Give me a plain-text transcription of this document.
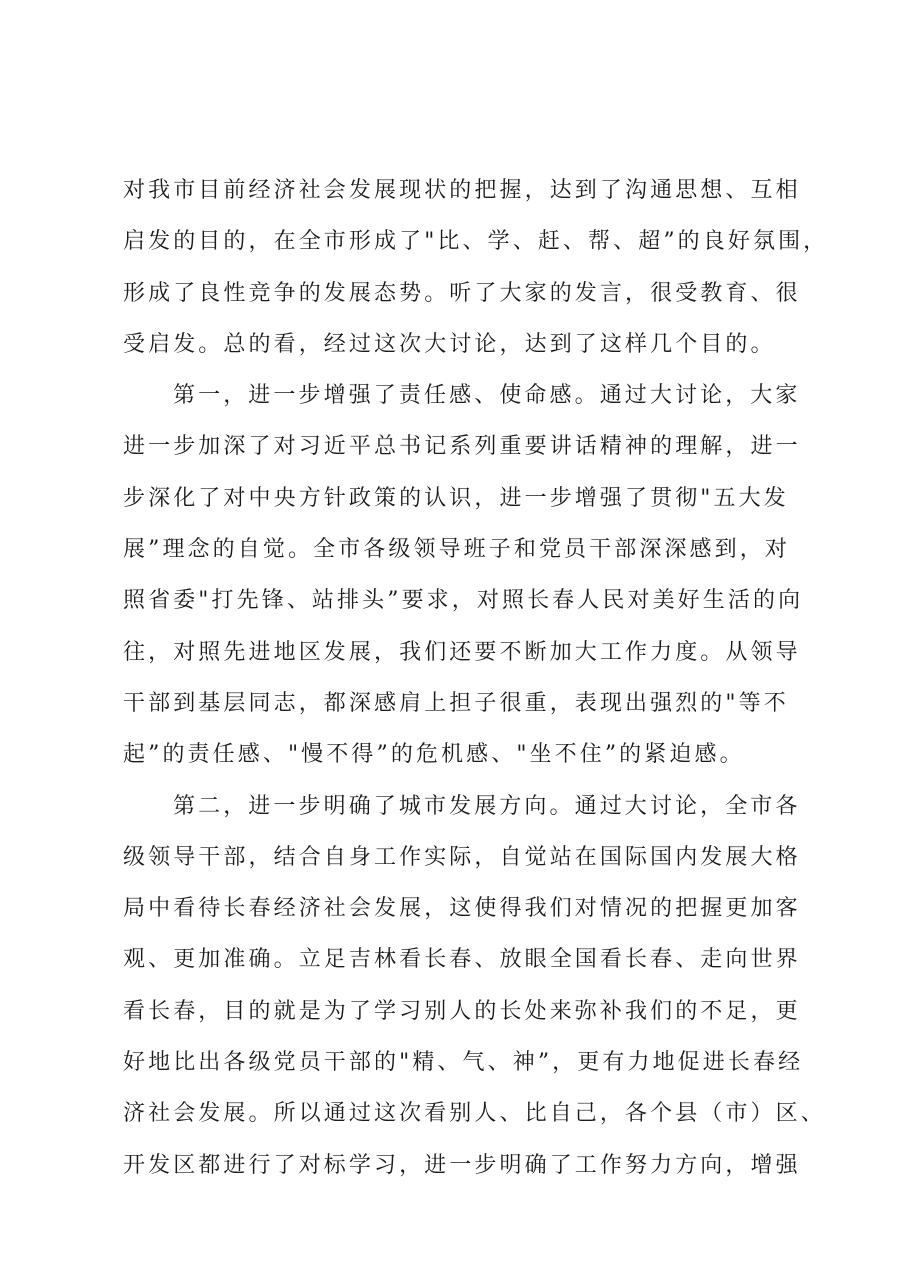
对我市目前经济社会发展现状的把握，达到了沟通思想、互相
启发的目的，在全市形成了"比、学、赶、帮、超”的良好氛围，
形成了良性竞争的发展态势。听了大家的发言，很受教育、很
受启发。总的看，经过这次大讨论，达到了这样几个目的。
第一，进一步增强了责任感、使命感。通过大讨论，大家
进一步加深了对习近平总书记系列重要讲话精神的理解，进一
步深化了对中央方针政策的认识，进一步增强了贯彻"五大发
展”理念的自觉。全市各级领导班子和党员干部深深感到，对
照省委"打先锋、站排头”要求，对照长春人民对美好生活的向
往，对照先进地区发展，我们还要不断加大工作力度。从领导
干部到基层同志，都深感肩上担子很重，表现出强烈的"等不
起”的责任感、"慢不得”的危机感、"坐不住”的紧迫感。
第二，进一步明确了城市发展方向。通过大讨论，全市各
级领导干部，结合自身工作实际，自觉站在国际国内发展大格
局中看待长春经济社会发展，这使得我们对情况的把握更加客
观、更加准确。立足吉林看长春、放眼全国看长春、走向世界
看长春，目的就是为了学习别人的长处来弥补我们的不足，更
好地比出各级党员干部的"精、气、神”，更有力地促进长春经
济社会发展。所以通过这次看别人、比自己，各个县（市）区、
开发区都进行了对标学习，进一步明确了工作努力方向，增强
